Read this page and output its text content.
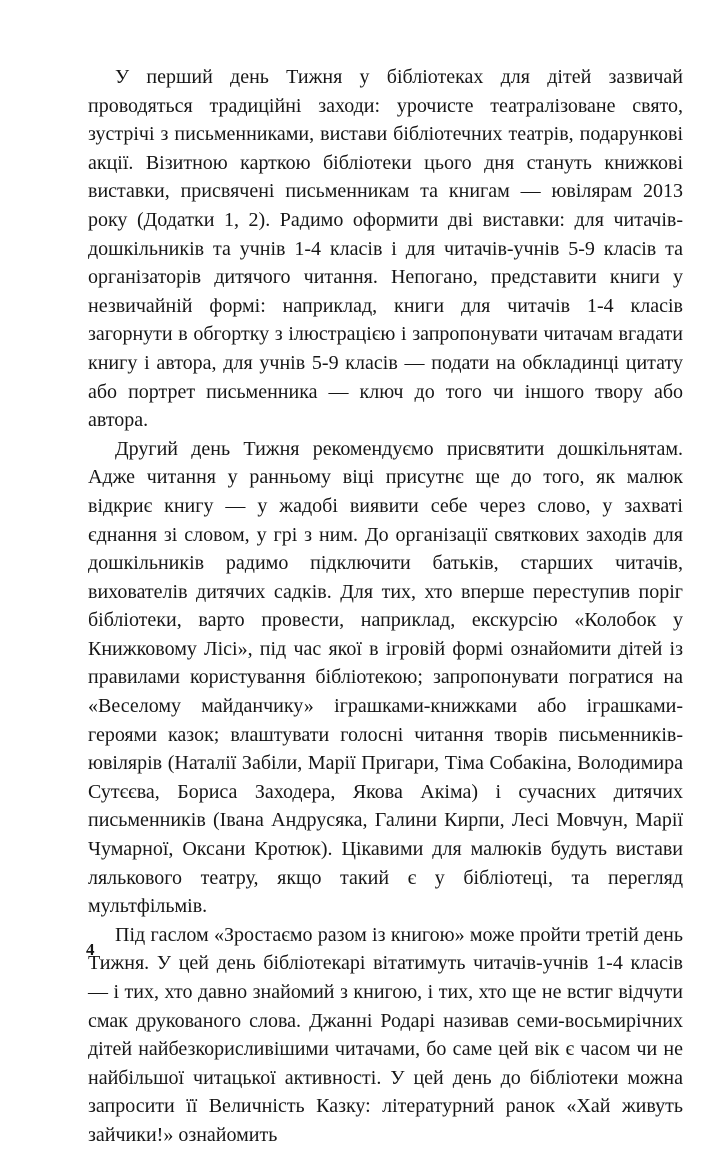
У перший день Тижня у бібліотеках для дітей зазвичай проводяться традиційні заходи: урочисте театралізоване свято, зустрічі з письменниками, вистави бібліотечних театрів, подарункові акції. Візитною карткою бібліотеки цього дня стануть книжкові виставки, присвячені письменникам та книгам — ювілярам 2013 року (Додатки 1, 2). Радимо оформити дві виставки: для читачів-дошкільників та учнів 1-4 класів і для читачів-учнів 5-9 класів та організаторів дитячого читання. Непогано, представити книги у незвичайній формі: наприклад, книги для читачів 1-4 класів загорнути в обгортку з ілюстрацією і запропонувати читачам вгадати книгу і автора, для учнів 5-9 класів — подати на обкладинці цитату або портрет письменника — ключ до того чи іншого твору або автора.

Другий день Тижня рекомендуємо присвятити дошкільнятам. Адже читання у ранньому віці присутнє ще до того, як малюк відкриє книгу — у жадобі виявити себе через слово, у захваті єднання зі словом, у грі з ним. До організації святкових заходів для дошкільників радимо підключити батьків, старших читачів, вихователів дитячих садків. Для тих, хто вперше переступив поріг бібліотеки, варто провести, наприклад, екскурсію «Колобок у Книжковому Лісі», під час якої в ігровій формі ознайомити дітей із правилами користування бібліотекою; запропонувати погратися на «Веселому майданчику» іграшками-книжками або іграшками-героями казок; влаштувати голосні читання творів письменників-ювілярів (Наталії Забіли, Марії Пригари, Тіма Собакіна, Володимира Сутєєва, Бориса Заходера, Якова Акіма) і сучасних дитячих письменників (Івана Андрусяка, Галини Кирпи, Лесі Мовчун, Марії Чумарної, Оксани Кротюк). Цікавими для малюків будуть вистави лялькового театру, якщо такий є у бібліотеці, та перегляд мультфільмів.

Під гаслом «Зростаємо разом із книгою» може пройти третій день Тижня. У цей день бібліотекарі вітатимуть читачів-учнів 1-4 класів — і тих, хто давно знайомий з книгою, і тих, хто ще не встиг відчути смак друкованого слова. Джанні Родарі називав семи-восьмирічних дітей найбезкорисливішими читачами, бо саме цей вік є часом чи не найбільшої читацької активності. У цей день до бібліотеки можна запросити її Величність Казку: літературний ранок «Хай живуть зайчики!» ознайомить

4
